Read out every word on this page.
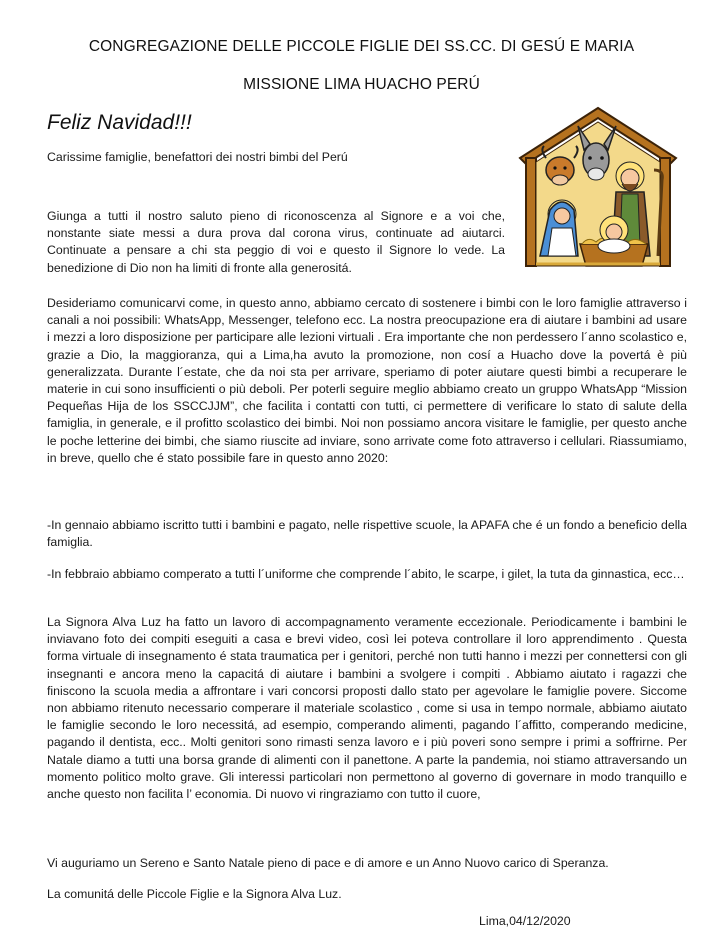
CONGREGAZIONE DELLE PICCOLE FIGLIE DEI SS.CC. DI GESÚ E MARIA
MISSIONE LIMA HUACHO PERÚ
Feliz Navidad!!!
Carissime famiglie, benefattori dei nostri bimbi del Perú

Giunga a tutti il nostro saluto pieno di riconoscenza al Signore e a voi che, nonstante siate messi a dura prova dal corona virus, continuate ad aiutarci. Continuate a pensare a chi sta peggio di voi e questo il Signore lo vede. La benedizione di Dio non ha limiti di fronte alla generositá.

Desideriamo comunicarvi come, in questo anno, abbiamo cercato di sostenere i bimbi con le loro famiglie attraverso i canali a noi possibili: WhatsApp, Messenger, telefono ecc. La nostra preocupazione era di aiutare i bambini ad usare i mezzi a loro disposizione per participare alle lezioni virtuali . Era importante che non perdessero l´anno scolastico e, grazie a Dio, la maggioranza, qui a Lima,ha avuto la promozione, non cosí a Huacho dove la povertá è più generalizzata. Durante l´estate, che da noi sta per arrivare, speriamo di poter aiutare questi bimbi a recuperare le materie in cui sono insufficienti o più deboli. Per poterli seguire meglio abbiamo creato un gruppo WhatsApp “Mission Pequeñas Hija de los SSCCJJM”, che facilita i contatti con tutti, ci permettere di verificare lo stato di salute della famiglia, in generale, e il profitto scolastico dei bimbi. Noi non possiamo ancora visitare le famiglie, per questo anche le poche letterine dei bimbi, che siamo riuscite ad inviare, sono arrivate come foto attraverso i cellulari. Riassumiamo, in breve, quello che é stato possibile fare in questo anno 2020:

-In gennaio abbiamo iscritto tutti i bambini e pagato, nelle rispettive scuole, la APAFA che é un fondo a beneficio della famiglia.

-In febbraio abbiamo comperato a tutti l´uniforme che comprende l´abito, le scarpe, i gilet, la tuta da ginnastica, ecc…

La Signora Alva Luz ha fatto un lavoro di accompagnamento veramente eccezionale. Periodicamente i bambini le inviavano foto dei compiti eseguiti a casa e brevi video, così lei poteva controllare il loro apprendimento . Questa forma virtuale di insegnamento é stata traumatica per i genitori, perché non tutti hanno i mezzi per connettersi con gli insegnanti e ancora meno la capacitá di aiutare i bambini a svolgere i compiti . Abbiamo aiutato i ragazzi che finiscono la scuola media a affrontare i vari concorsi proposti dallo stato per agevolare le famiglie povere. Siccome non abbiamo ritenuto necessario comperare il materiale scolastico , come si usa in tempo normale, abbiamo aiutato le famiglie secondo le loro necessitá, ad esempio, comperando alimenti, pagando l´affitto, comperando medicine, pagando il dentista, ecc.. Molti genitori sono rimasti senza lavoro e i più poveri sono sempre i primi a soffrirne. Per Natale diamo a tutti una borsa grande di alimenti con il panettone. A parte la pandemia, noi stiamo attraversando un momento politico molto grave. Gli interessi particolari non permettono al governo di governare in modo tranquillo e anche questo non facilita l’ economia. Di nuovo vi ringraziamo con tutto il cuore,

Vi auguriamo un Sereno e Santo Natale pieno di pace e di amore e un Anno Nuovo carico di Speranza.

La comunitá delle Piccole Figlie e la Signora Alva Luz.

Lima,04/12/2020
